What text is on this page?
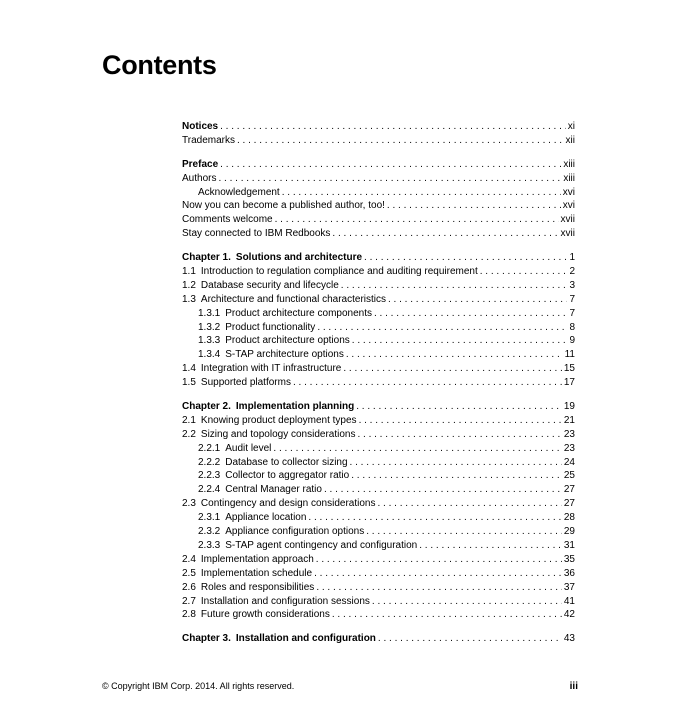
Contents
Notices . . .	xi
Trademarks . . .	xii
Preface . . .	xiii
Authors . . .	xiii
Acknowledgement . . .	xvi
Now you can become a published author, too! . . .	xvi
Comments welcome . . .	xvii
Stay connected to IBM Redbooks . . .	xvii
Chapter 1. Solutions and architecture . . .	1
1.1 Introduction to regulation compliance and auditing requirement . . .	2
1.2 Database security and lifecycle . . .	3
1.3 Architecture and functional characteristics . . .	7
1.3.1 Product architecture components . . .	7
1.3.2 Product functionality . . .	8
1.3.3 Product architecture options . . .	9
1.3.4 S-TAP architecture options . . .	11
1.4 Integration with IT infrastructure . . .	15
1.5 Supported platforms . . .	17
Chapter 2. Implementation planning . . .	19
2.1 Knowing product deployment types . . .	21
2.2 Sizing and topology considerations . . .	23
2.2.1 Audit level . . .	23
2.2.2 Database to collector sizing . . .	24
2.2.3 Collector to aggregator ratio . . .	25
2.2.4 Central Manager ratio . . .	27
2.3 Contingency and design considerations . . .	27
2.3.1 Appliance location . . .	28
2.3.2 Appliance configuration options . . .	29
2.3.3 S-TAP agent contingency and configuration . . .	31
2.4 Implementation approach . . .	35
2.5 Implementation schedule . . .	36
2.6 Roles and responsibilities . . .	37
2.7 Installation and configuration sessions . . .	41
2.8 Future growth considerations . . .	42
Chapter 3. Installation and configuration . . .	43
© Copyright IBM Corp. 2014. All rights reserved.	iii
